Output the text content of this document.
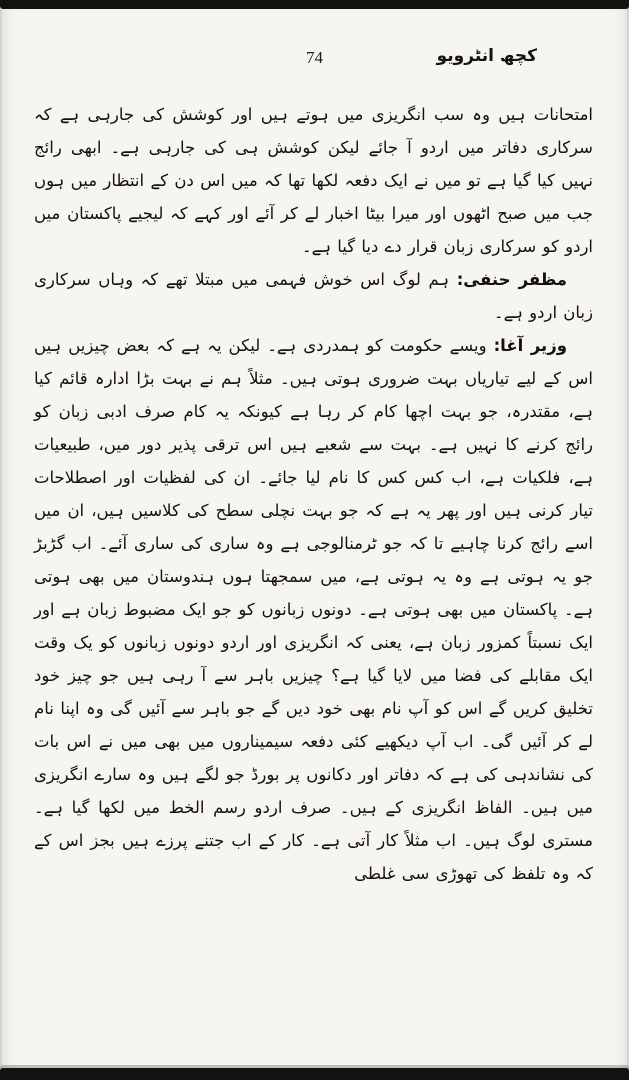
74	کچھ انٹرویو

امتحانات ہیں وہ سب انگریزی میں ہوتے ہیں اور کوشش کی جارہی ہے کہ سرکاری دفاتر میں اردو آ جائے لیکن کوشش ہی کی جارہی ہے۔ ابھی رائج نہیں کیا گیا ہے تو میں نے ایک دفعہ لکھا تھا کہ میں اس دن کے انتظار میں ہوں جب میں صبح اٹھوں اور میرا بیٹا اخبار لے کر آئے اور کہے کہ لیجیے پاکستان میں اردو کو سرکاری زبان قرار دے دیا گیا ہے۔

مظفر حنفی: ہم لوگ اس خوش فہمی میں مبتلا تھے کہ وہاں سرکاری زبان اردو ہے۔

وزیر آغا: ویسے حکومت کو ہمدردی ہے۔ لیکن یہ ہے کہ بعض چیزیں ہیں اس کے لیے تیاریاں بہت ضروری ہوتی ہیں۔ مثلاً ہم نے بہت بڑا ادارہ قائم کیا ہے، مقتدرہ، جو بہت اچھا کام کر رہا ہے کیونکہ یہ کام صرف ادبی زبان کو رائج کرنے کا نہیں ہے۔ بہت سے شعبے ہیں اس ترقی پذیر دور میں، طبیعیات ہے، فلکیات ہے، اب کس کس کا نام لیا جائے۔ ان کی لفظیات اور اصطلاحات تیار کرنی ہیں اور پھر یہ ہے کہ جو بہت نچلی سطح کی کلاسیں ہیں، ان میں اسے رائج کرنا چاہیے تا کہ جو ٹرمنالوجی ہے وہ ساری کی ساری آئے۔ اب گڑبڑ جو یہ ہوتی ہے وہ یہ ہوتی ہے، میں سمجھتا ہوں ہندوستان میں بھی ہوتی ہے۔ پاکستان میں بھی ہوتی ہے۔ دونوں زبانوں کو جو ایک مضبوط زبان ہے اور ایک نسبتاً کمزور زبان ہے، یعنی کہ انگریزی اور اردو دونوں زبانوں کو یک وقت ایک مقابلے کی فضا میں لایا گیا ہے؟ چیزیں باہر سے آ رہی ہیں جو چیز خود تخلیق کریں گے اس کو آپ نام بھی خود دیں گے جو باہر سے آئیں گی وہ اپنا نام لے کر آئیں گی۔ اب آپ دیکھیے کئی دفعہ سیمیناروں میں بھی میں نے اس بات کی نشاندہی کی ہے کہ دفاتر اور دکانوں پر بورڈ جو لگے ہیں وہ سارے انگریزی میں ہیں۔ الفاظ انگریزی کے ہیں۔ صرف اردو رسم الخط میں لکھا گیا ہے۔ مستری لوگ ہیں۔ اب مثلاً کار آتی ہے۔ کار کے اب جتنے پرزے ہیں بجز اس کے کہ وہ تلفظ کی تھوڑی سی غلطی
